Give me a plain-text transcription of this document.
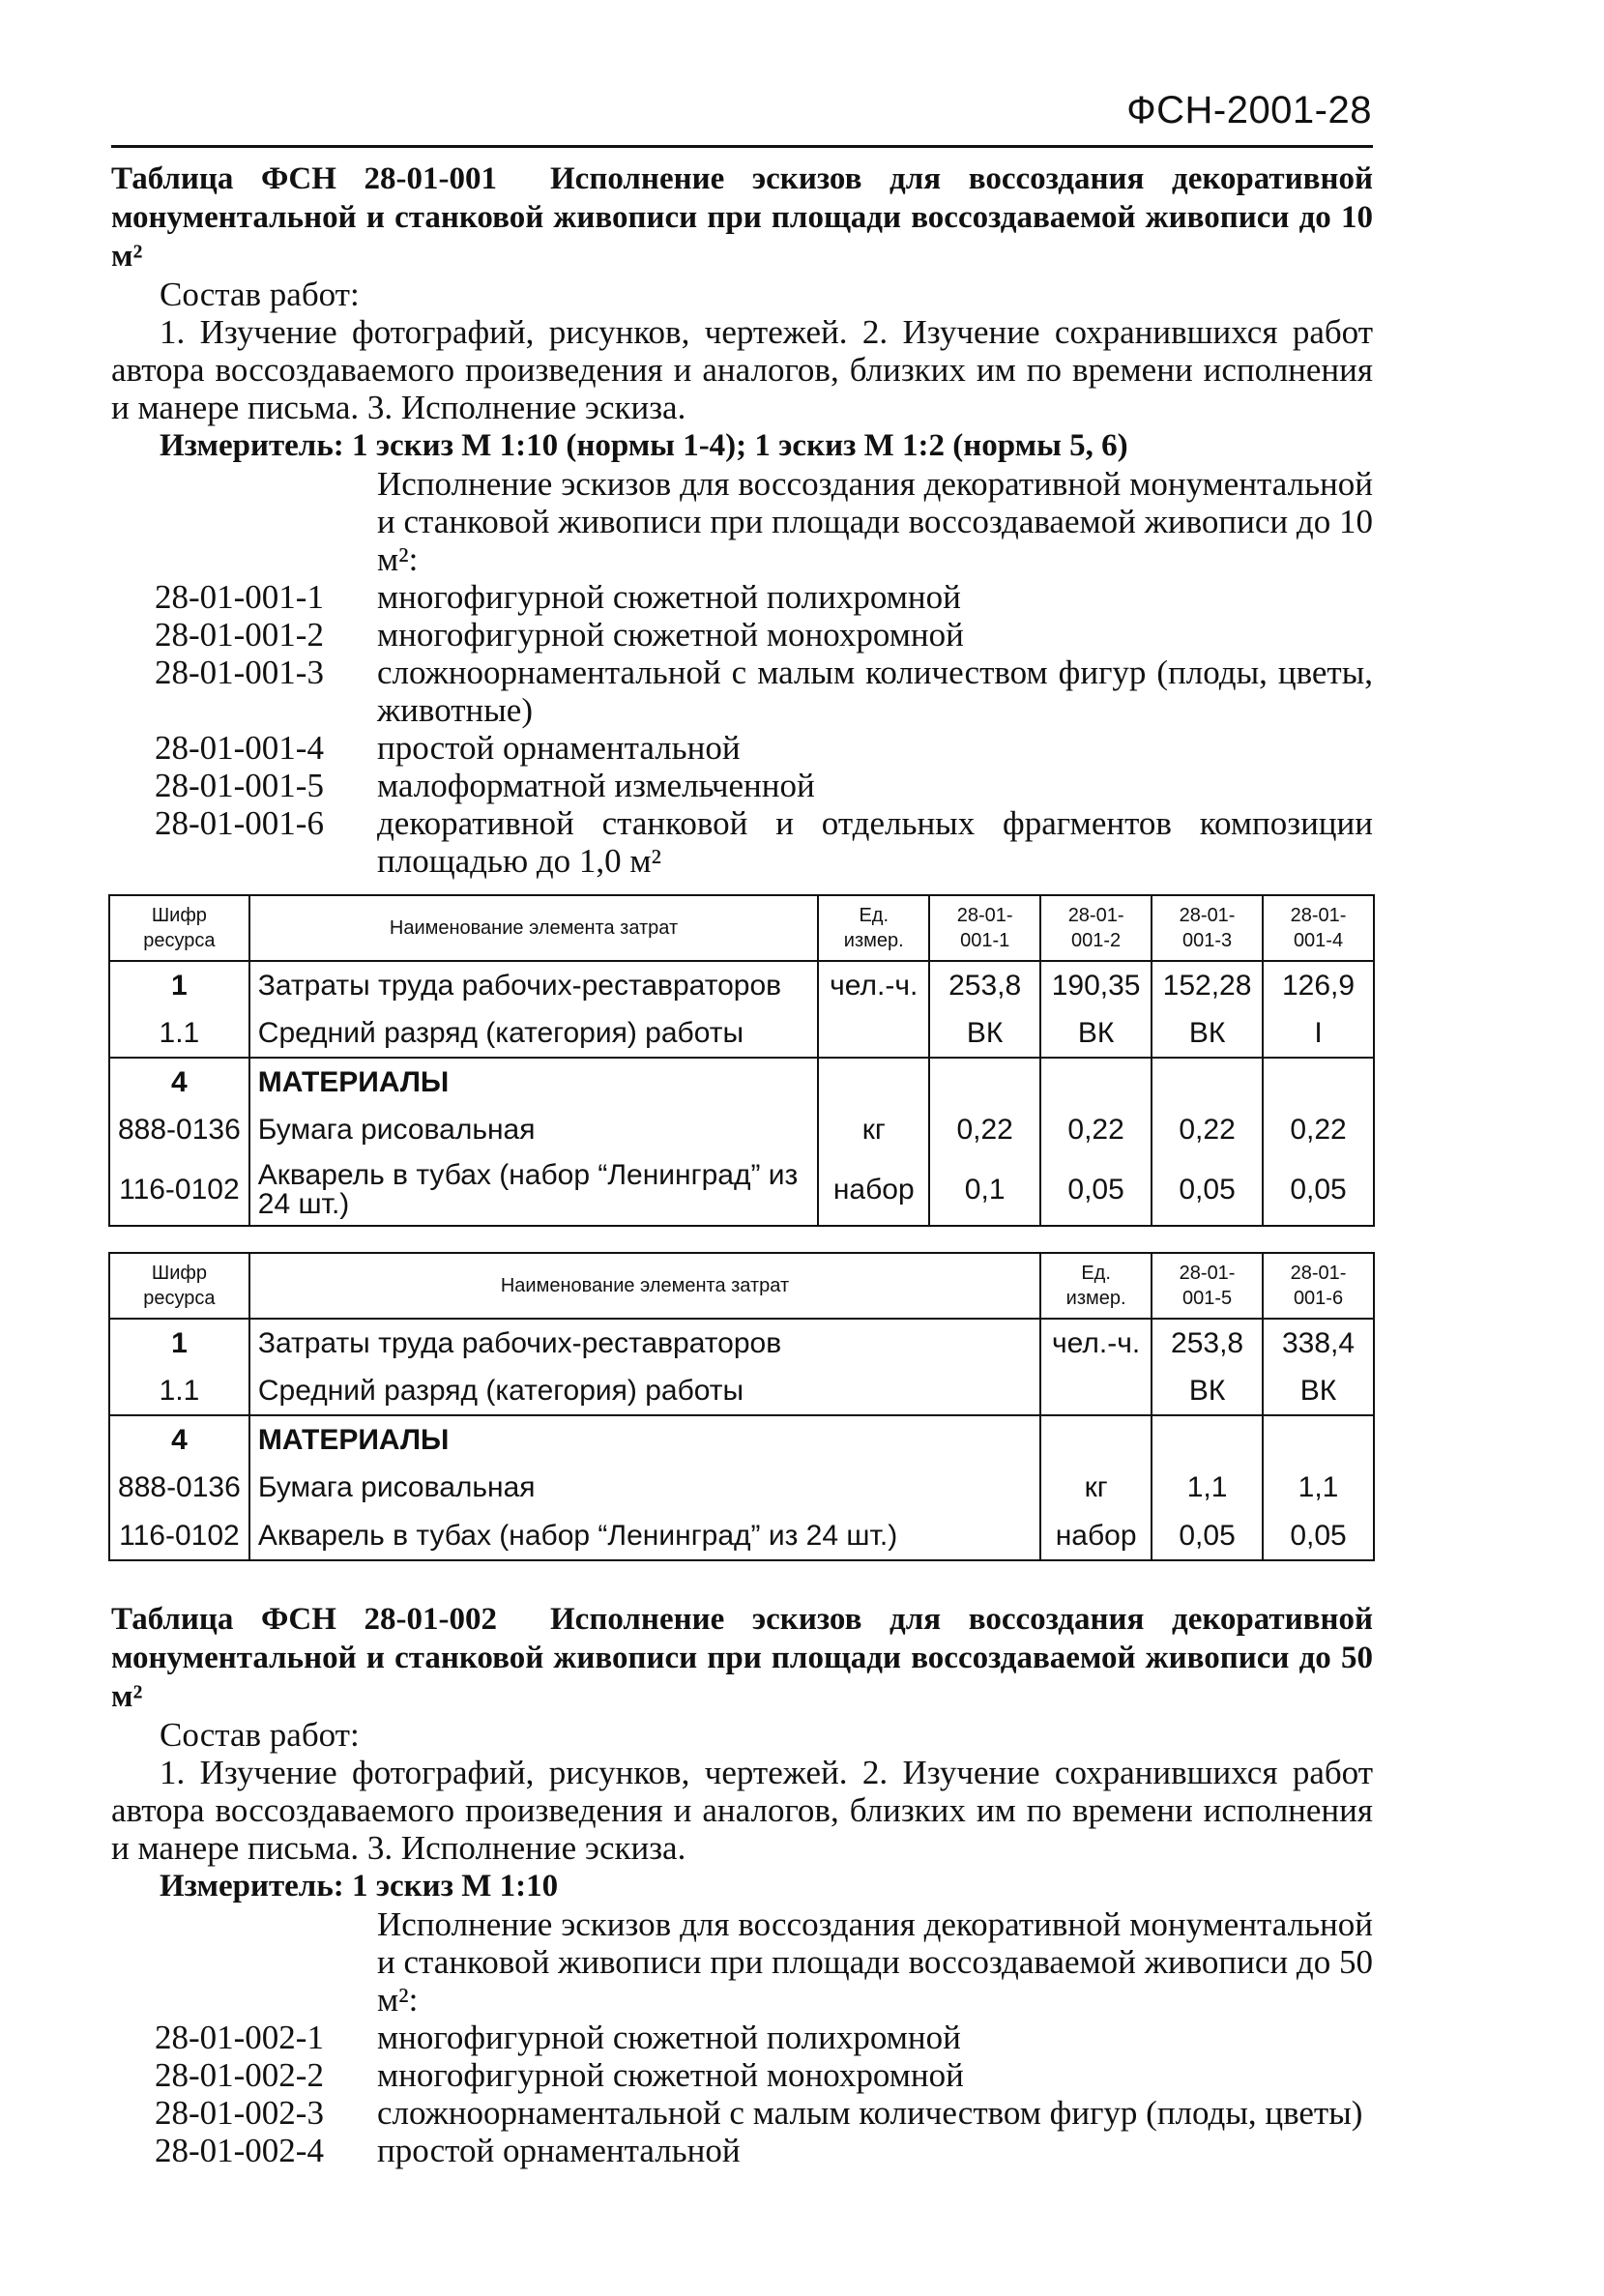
ФСН-2001-28
Таблица ФСН 28-01-001 Исполнение эскизов для воссоздания декоративной монументальной и станковой живописи при площади воссоздаваемой живописи до 10 м²
Состав работ:
1. Изучение фотографий, рисунков, чертежей. 2. Изучение сохранившихся работ автора воссоздаваемого произведения и аналогов, близких им по времени исполнения и манере письма. 3. Исполнение эскиза.
Измеритель: 1 эскиз М 1:10 (нормы 1-4); 1 эскиз М 1:2 (нормы 5, 6)
Исполнение эскизов для воссоздания декоративной монументальной и станковой живописи при площади воссоздаваемой живописи до 10 м²:
28-01-001-1	многофигурной сюжетной полихромной
28-01-001-2	многофигурной сюжетной монохромной
28-01-001-3	сложноорнаментальной с малым количеством фигур (плоды, цветы, животные)
28-01-001-4	простой орнаментальной
28-01-001-5	малоформатной измельченной
28-01-001-6	декоративной станковой и отдельных фрагментов композиции площадью до 1,0 м²
Шифр ресурса	Наименование элемента затрат	Ед. измер.	28-01-001-1	28-01-001-2	28-01-001-3	28-01-001-4
1	Затраты труда рабочих-реставраторов	чел.-ч.	253,8	190,35	152,28	126,9
1.1	Средний разряд (категория) работы		ВК	ВК	ВК	I
4	МАТЕРИАЛЫ					
888-0136	Бумага рисовальная	кг	0,22	0,22	0,22	0,22
116-0102	Акварель в тубах (набор “Ленинград” из 24 шт.)	набор	0,1	0,05	0,05	0,05
Шифр ресурса	Наименование элемента затрат	Ед. измер.	28-01-001-5	28-01-001-6
1	Затраты труда рабочих-реставраторов	чел.-ч.	253,8	338,4
1.1	Средний разряд (категория) работы		ВК	ВК
4	МАТЕРИАЛЫ			
888-0136	Бумага рисовальная	кг	1,1	1,1
116-0102	Акварель в тубах (набор “Ленинград” из 24 шт.)	набор	0,05	0,05
Таблица ФСН 28-01-002 Исполнение эскизов для воссоздания декоративной монументальной и станковой живописи при площади воссоздаваемой живописи до 50 м²
Состав работ:
1. Изучение фотографий, рисунков, чертежей. 2. Изучение сохранившихся работ автора воссоздаваемого произведения и аналогов, близких им по времени исполнения и манере письма. 3. Исполнение эскиза.
Измеритель: 1 эскиз М 1:10
Исполнение эскизов для воссоздания декоративной монументальной и станковой живописи при площади воссоздаваемой живописи до 50 м²:
28-01-002-1	многофигурной сюжетной полихромной
28-01-002-2	многофигурной сюжетной монохромной
28-01-002-3	сложноорнаментальной с малым количеством фигур (плоды, цветы)
28-01-002-4	простой орнаментальной
